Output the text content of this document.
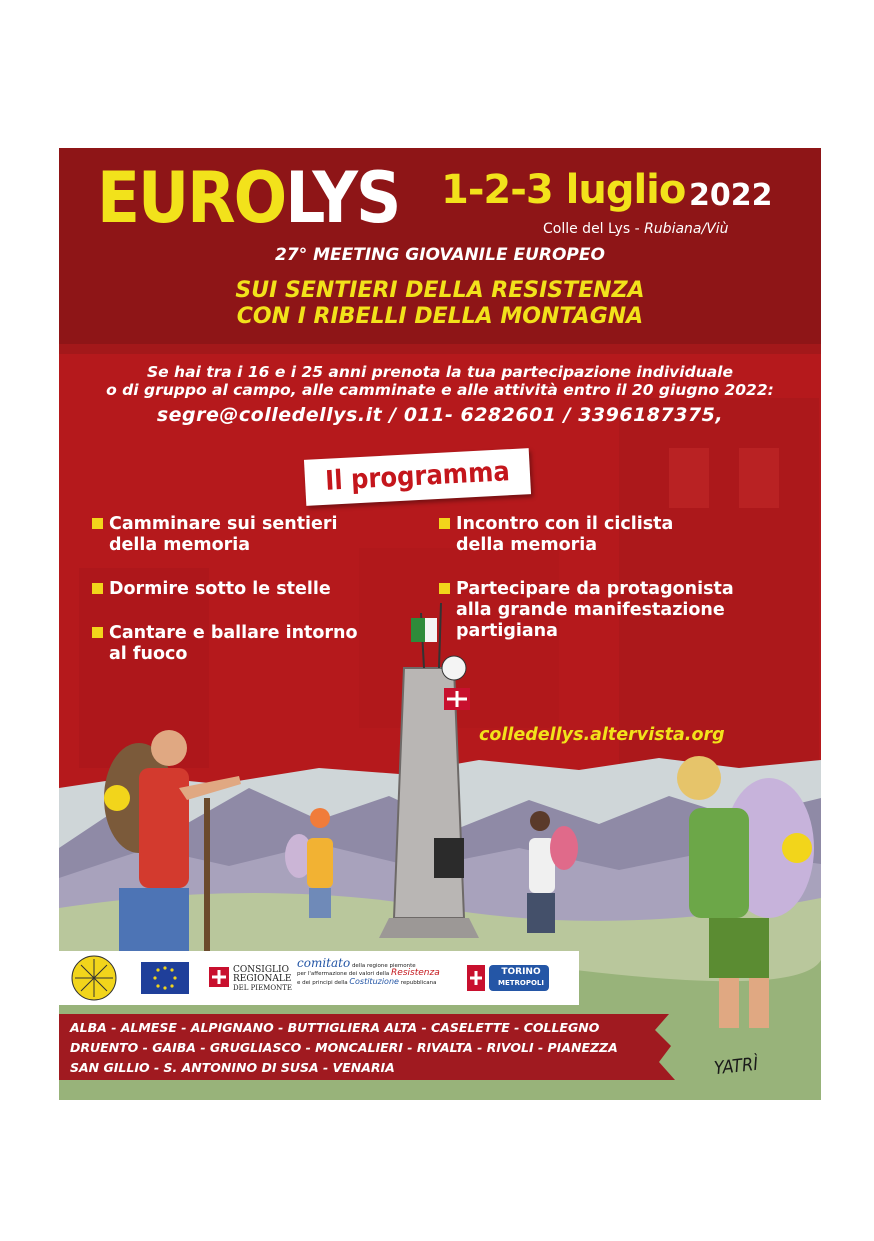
EUROLYS 1-2-3 luglio 2022
Colle del Lys - Rubiana/Viù
27° MEETING GIOVANILE EUROPEO
SUI SENTIERI DELLA RESISTENZA
CON I RIBELLI DELLA MONTAGNA
Se hai tra i 16 e i 25 anni prenota la tua partecipazione individuale
o di gruppo al campo, alle camminate e alle attività entro il 20 giugno 2022:
segre@colledellys.it / 011- 6282601 / 3396187375,
Il programma
Camminare sui sentieri
della memoria
Dormire sotto le stelle
Cantare e ballare intorno
al fuoco
Incontro con il ciclista
della memoria
Partecipare da protagonista
alla grande manifestazione
partigiana
colledellys.altervista.org
CONSIGLIO
REGIONALE
DEL PIEMONTE
comitato della regione piemonte
per l'affermazione dei valori della Resistenza
e dei principi della Costituzione repubblicana
TORINO
METROPOLI
ALBA - ALMESE - ALPIGNANO - BUTTIGLIERA ALTA - CASELETTE - COLLEGNO
DRUENTO - GAIBA - GRUGLIASCO - MONCALIERI - RIVALTA - RIVOLI - PIANEZZA
SAN GILLIO - S. ANTONINO DI SUSA - VENARIA	YATRÌ
